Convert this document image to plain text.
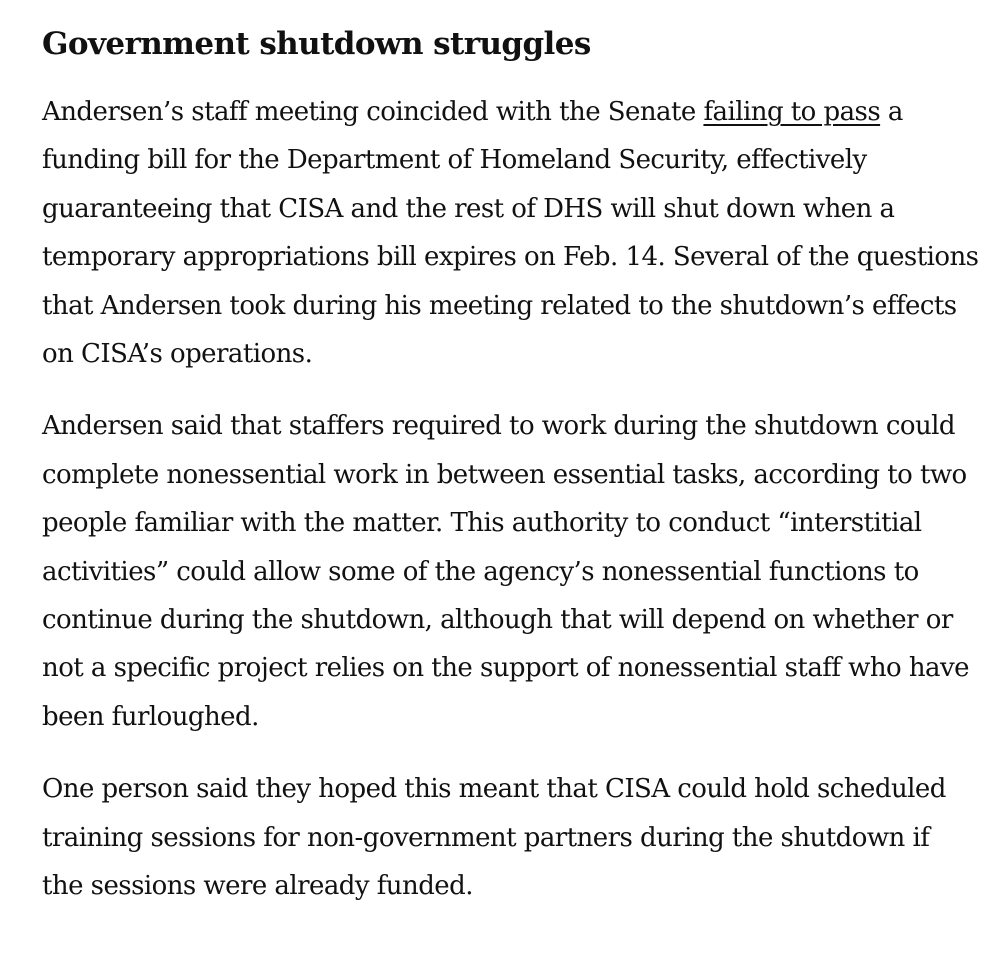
Government shutdown struggles

Andersen’s staff meeting coincided with the Senate failing to pass a
funding bill for the Department of Homeland Security, effectively
guaranteeing that CISA and the rest of DHS will shut down when a
temporary appropriations bill expires on Feb. 14. Several of the questions
that Andersen took during his meeting related to the shutdown’s effects
on CISA’s operations.

Andersen said that staffers required to work during the shutdown could
complete nonessential work in between essential tasks, according to two
people familiar with the matter. This authority to conduct “interstitial
activities” could allow some of the agency’s nonessential functions to
continue during the shutdown, although that will depend on whether or
not a specific project relies on the support of nonessential staff who have
been furloughed.

One person said they hoped this meant that CISA could hold scheduled
training sessions for non-government partners during the shutdown if
the sessions were already funded.
